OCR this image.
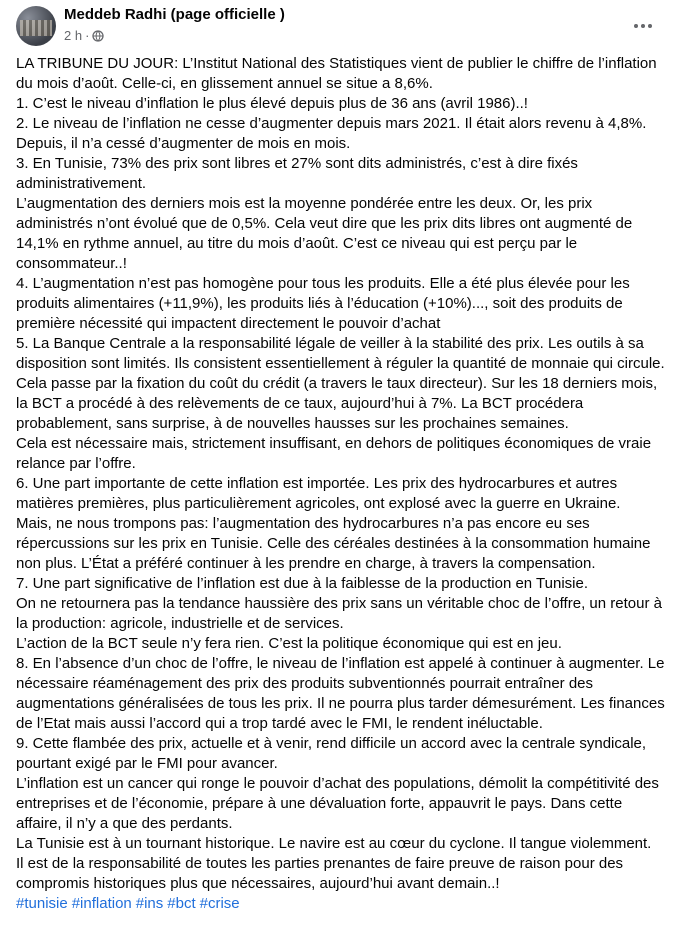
Meddeb Radhi (page officielle )
2 h ·

LA TRIBUNE DU JOUR: L’Institut National des Statistiques vient de publier le chiffre de l’inflation du mois d’août. Celle-ci, en glissement annuel se situe a 8,6%.

1. C’est le niveau d’inflation le plus élevé depuis plus de 36 ans (avril 1986)..!

2. Le niveau de l’inflation ne cesse d’augmenter depuis mars 2021. Il était alors revenu à 4,8%. Depuis, il n’a cessé d’augmenter de mois en mois.

3. En Tunisie, 73% des prix sont libres et 27% sont dits administrés, c’est à dire fixés administrativement.

L’augmentation des derniers mois est la moyenne pondérée entre les deux. Or, les prix administrés n’ont évolué que de 0,5%. Cela veut dire que les prix dits libres ont augmenté de 14,1% en rythme annuel, au titre du mois d’août. C’est ce niveau qui est perçu par le consommateur..!

4. L’augmentation n’est pas homogène pour tous les produits. Elle a été plus élevée pour les produits alimentaires (+11,9%), les produits liés à l’éducation (+10%)..., soit des produits de première nécessité qui impactent directement le pouvoir d’achat

5. La Banque Centrale a la responsabilité légale de veiller à la stabilité des prix. Les outils à sa disposition sont limités. Ils consistent essentiellement à réguler la quantité de monnaie qui circule. Cela passe par la fixation du coût du crédit (a travers le taux directeur). Sur les 18 derniers mois, la BCT a procédé à des relèvements de ce taux, aujourd’hui à 7%. La BCT procédera probablement, sans surprise, à de nouvelles hausses sur les prochaines semaines.

Cela est nécessaire mais, strictement insuffisant, en dehors de politiques économiques de vraie relance par l’offre.

6. Une part importante de cette inflation est importée. Les prix des hydrocarbures et autres matières premières, plus particulièrement agricoles, ont explosé avec la guerre en Ukraine.

Mais, ne nous trompons pas: l’augmentation des hydrocarbures n’a pas encore eu ses répercussions sur les prix en Tunisie. Celle des céréales destinées à la consommation humaine non plus. L’État a préféré continuer à les prendre en charge, à travers la compensation.

7. Une part significative de l’inflation est due à la faiblesse de la production en Tunisie.

On ne retournera pas la tendance haussière des prix sans un véritable choc de l’offre, un retour à la production: agricole, industrielle et de services.

L’action de la BCT seule n’y fera rien. C’est la politique économique qui est en jeu.

8. En l’absence d’un choc de l’offre, le niveau de l’inflation est appelé à continuer à augmenter. Le nécessaire réaménagement des prix des produits subventionnés pourrait entraîner des augmentations généralisées de tous les prix. Il ne pourra plus tarder démesurément. Les finances de l’Etat mais aussi l’accord qui a trop tardé avec le FMI, le rendent inéluctable.

9. Cette flambée des prix, actuelle et à venir, rend difficile un accord avec la centrale syndicale, pourtant exigé par le FMI pour avancer.

L’inflation est un cancer qui ronge le pouvoir d’achat des populations, démolit la compétitivité des entreprises et de l’économie, prépare à une dévaluation forte, appauvrit le pays. Dans cette affaire, il n’y a que des perdants.

La Tunisie est à un tournant historique. Le navire est au cœur du cyclone. Il tangue violemment.

Il est de la responsabilité de toutes les parties prenantes de faire preuve de raison pour des compromis historiques plus que nécessaires, aujourd’hui avant demain..!

#tunisie #inflation #ins #bct #crise
